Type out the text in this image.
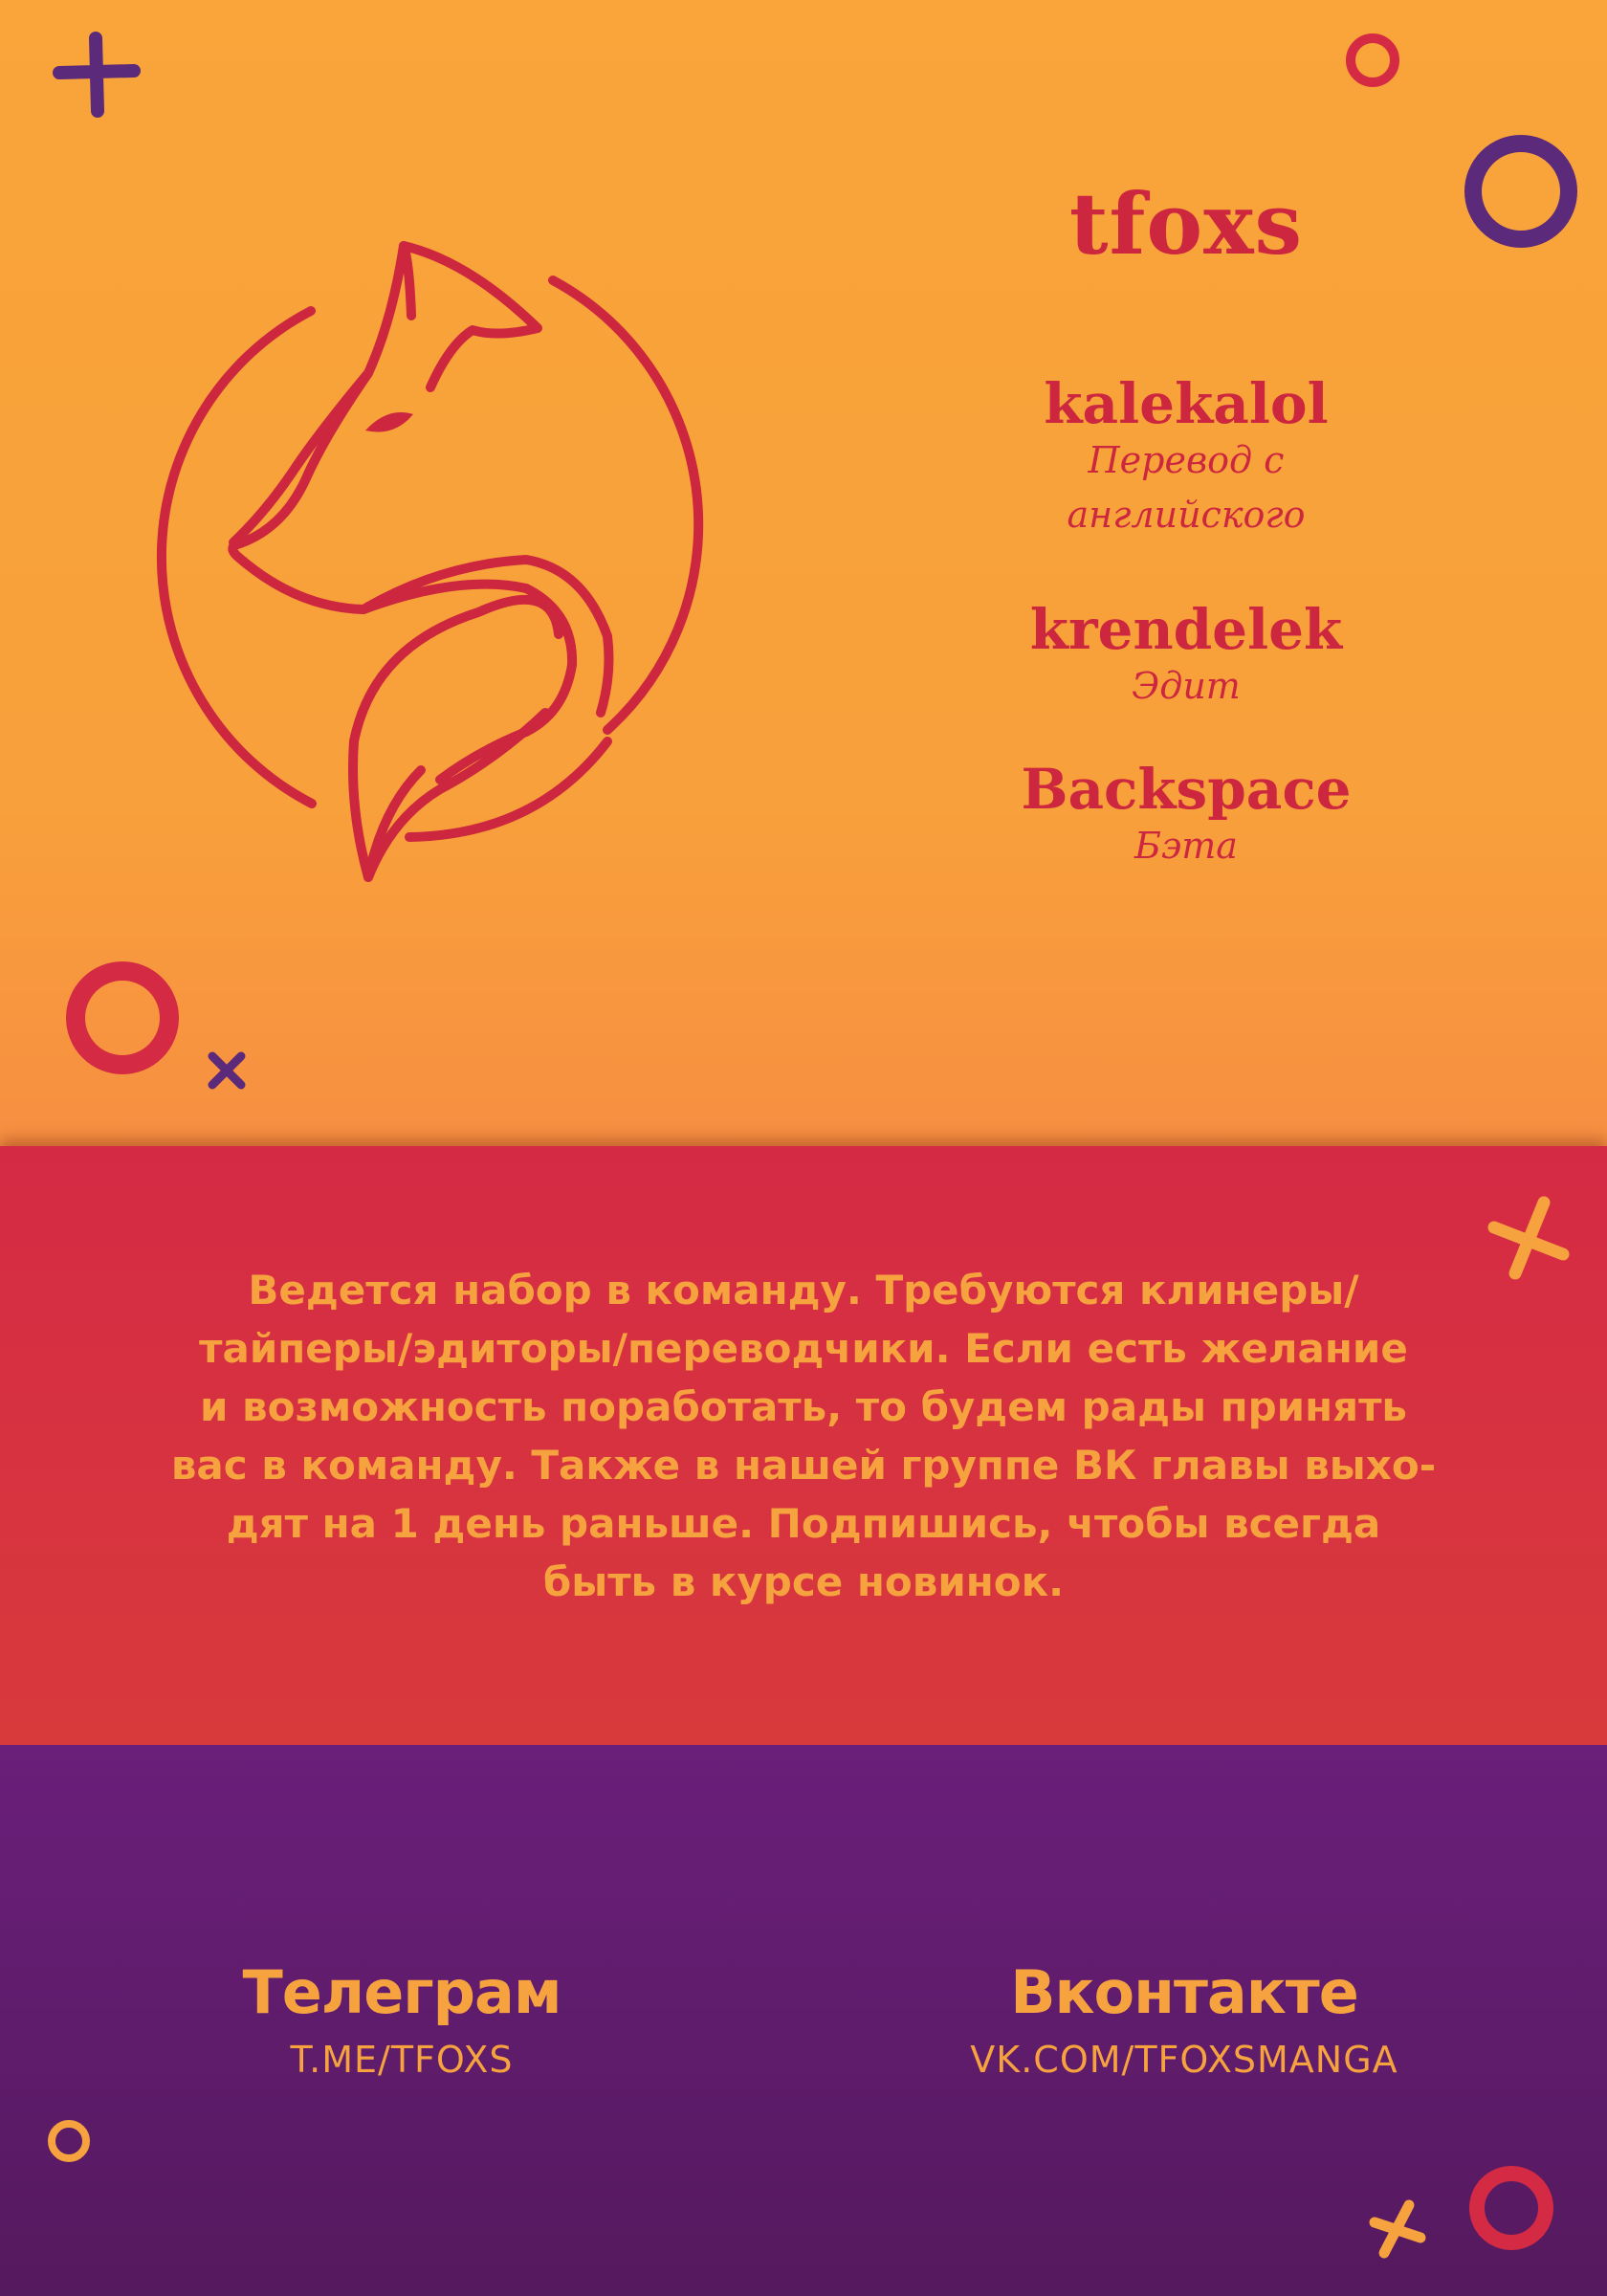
tfoxs
kalekalol
Перевод с
английского
krendelek
Эдит
Backspace
Бэта
Ведется набор в команду. Требуются клинеры/
тайперы/эдиторы/переводчики. Если есть желание
и возможность поработать, то будем рады принять
вас в команду. Также в нашей группе ВК главы выхо-
дят на 1 день раньше. Подпишись, чтобы всегда
быть в курсе новинок.
Телеграм
T.ME/TFOXS
Вконтакте
VK.COM/TFOXSMANGA
